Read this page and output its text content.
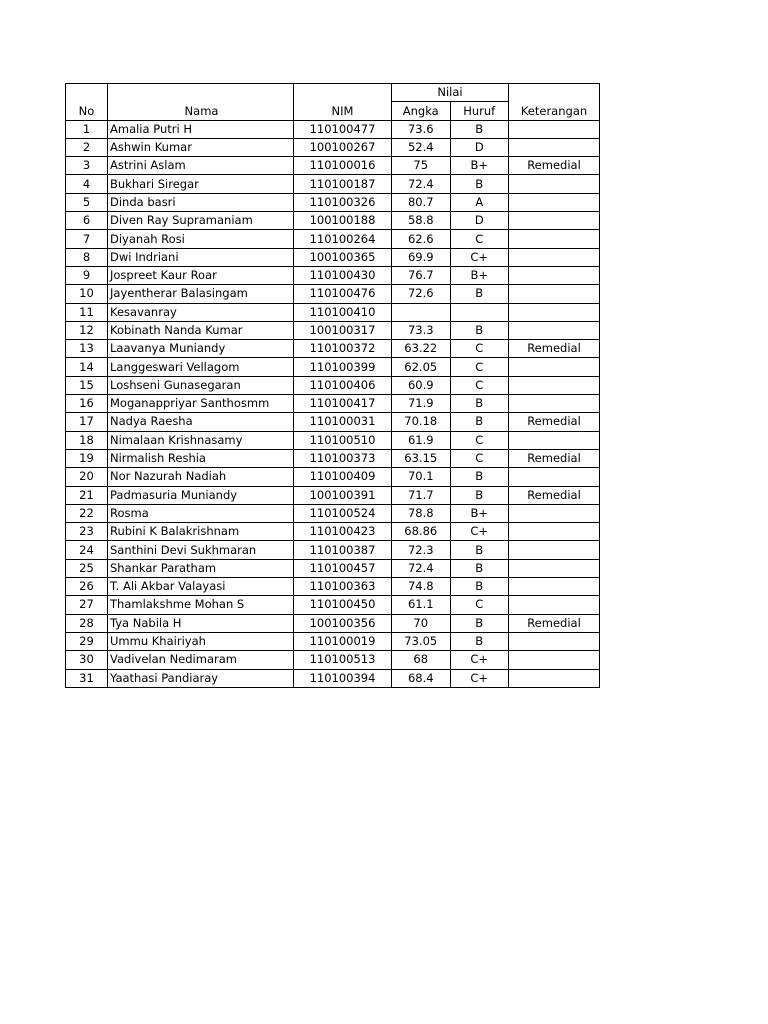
No	Nama	NIM	Nilai		Keterangan
			Angka	Huruf	
1	Amalia Putri H	110100477	73.6	B	
2	Ashwin Kumar	100100267	52.4	D	
3	Astrini Aslam	110100016	75	B+	Remedial
4	Bukhari Siregar	110100187	72.4	B	
5	Dinda basri	110100326	80.7	A	
6	Diven Ray Supramaniam	100100188	58.8	D	
7	Diyanah Rosi	110100264	62.6	C	
8	Dwi Indriani	100100365	69.9	C+	
9	Jospreet Kaur Roar	110100430	76.7	B+	
10	Jayentherar Balasingam	110100476	72.6	B	
11	Kesavanray	110100410			
12	Kobinath Nanda Kumar	100100317	73.3	B	
13	Laavanya Muniandy	110100372	63.22	C	Remedial
14	Langgeswari Vellagom	110100399	62.05	C	
15	Loshseni Gunasegaran	110100406	60.9	C	
16	Moganappriyar Santhosmm	110100417	71.9	B	
17	Nadya Raesha	110100031	70.18	B	Remedial
18	Nimalaan Krishnasamy	110100510	61.9	C	
19	Nirmalish Reshia	110100373	63.15	C	Remedial
20	Nor Nazurah Nadiah	110100409	70.1	B	
21	Padmasuria Muniandy	100100391	71.7	B	Remedial
22	Rosma	110100524	78.8	B+	
23	Rubini K Balakrishnam	110100423	68.86	C+	
24	Santhini Devi Sukhmaran	110100387	72.3	B	
25	Shankar Paratham	110100457	72.4	B	
26	T. Ali Akbar Valayasi	110100363	74.8	B	
27	Thamlakshme Mohan S	110100450	61.1	C	
28	Tya Nabila H	100100356	70	B	Remedial
29	Ummu Khairiyah	110100019	73.05	B	
30	Vadivelan Nedimaram	110100513	68	C+	
31	Yaathasi Pandiaray	110100394	68.4	C+	
